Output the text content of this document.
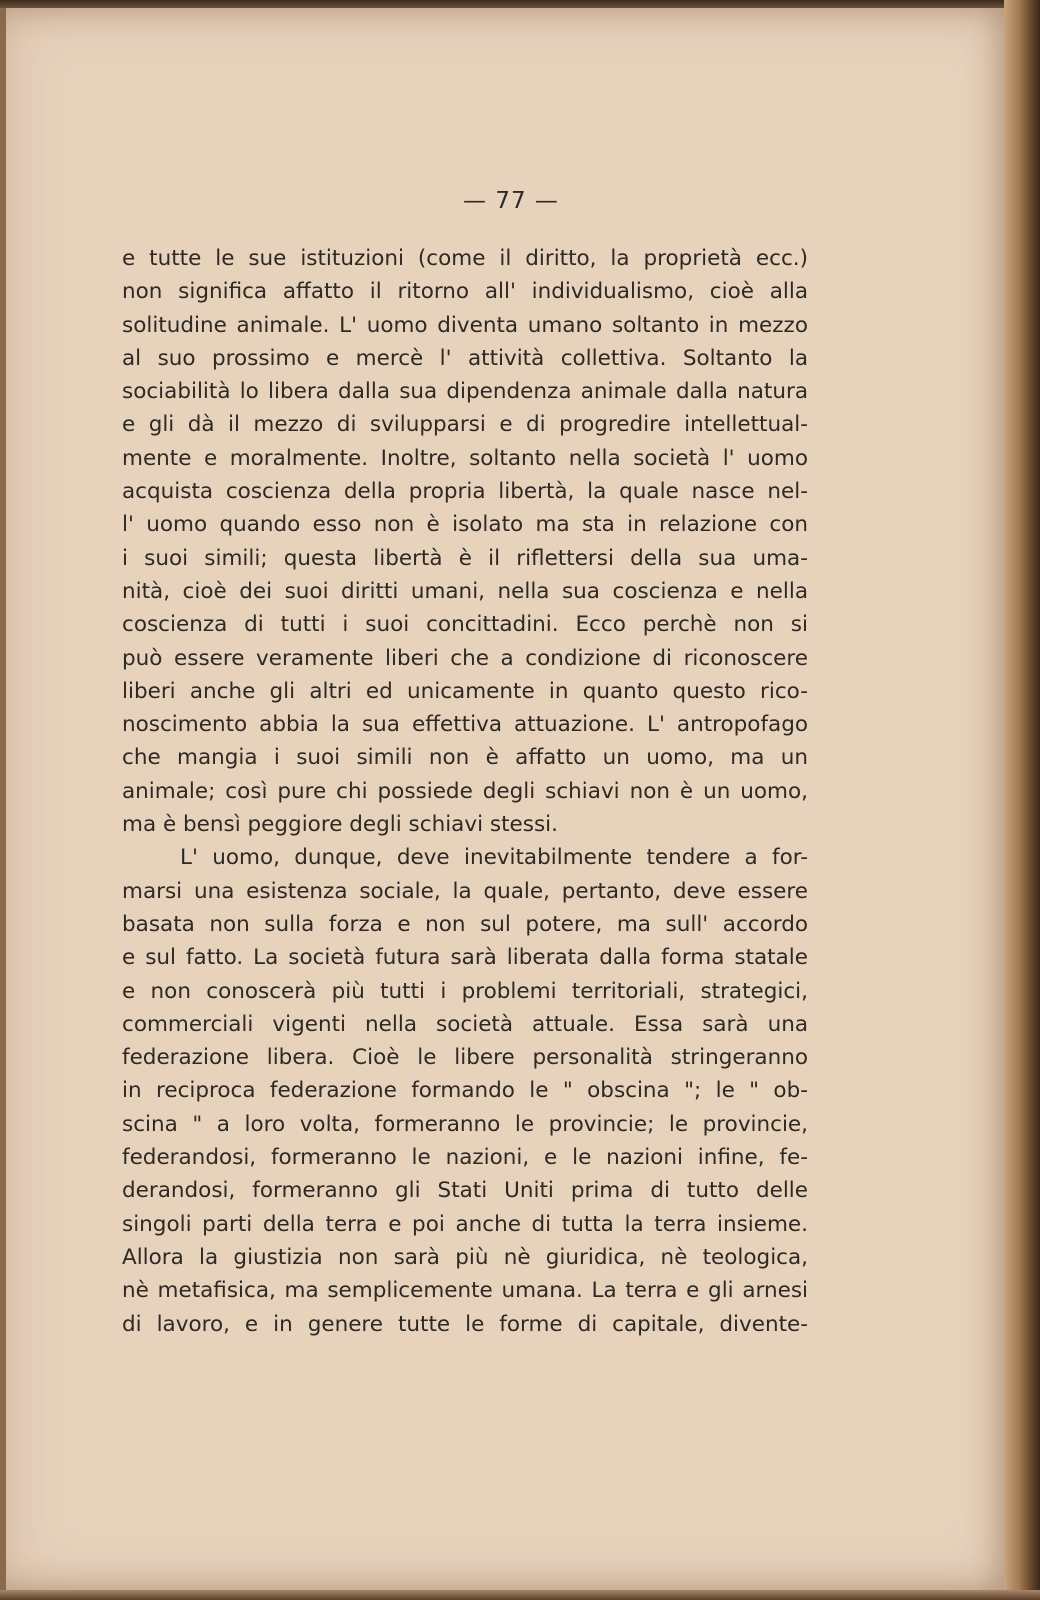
— 77 —
e tutte le sue istituzioni (come il diritto, la proprietà ecc.)
non significa affatto il ritorno all' individualismo, cioè alla
solitudine animale. L' uomo diventa umano soltanto in mezzo
al suo prossimo e mercè l' attività collettiva. Soltanto la
sociabilità lo libera dalla sua dipendenza animale dalla natura
e gli dà il mezzo di svilupparsi e di progredire intellettual-
mente e moralmente. Inoltre, soltanto nella società l' uomo
acquista coscienza della propria libertà, la quale nasce nel-
l' uomo quando esso non è isolato ma sta in relazione con
i suoi simili; questa libertà è il riflettersi della sua uma-
nità, cioè dei suoi diritti umani, nella sua coscienza e nella
coscienza di tutti i suoi concittadini. Ecco perchè non si
può essere veramente liberi che a condizione di riconoscere
liberi anche gli altri ed unicamente in quanto questo rico-
noscimento abbia la sua effettiva attuazione. L' antropofago
che mangia i suoi simili non è affatto un uomo, ma un
animale; così pure chi possiede degli schiavi non è un uomo,
ma è bensì peggiore degli schiavi stessi.
L' uomo, dunque, deve inevitabilmente tendere a for-
marsi una esistenza sociale, la quale, pertanto, deve essere
basata non sulla forza e non sul potere, ma sull' accordo
e sul fatto. La società futura sarà liberata dalla forma statale
e non conoscerà più tutti i problemi territoriali, strategici,
commerciali vigenti nella società attuale. Essa sarà una
federazione libera. Cioè le libere personalità stringeranno
in reciproca federazione formando le " obscina "; le " ob-
scina " a loro volta, formeranno le provincie; le provincie,
federandosi, formeranno le nazioni, e le nazioni infine, fe-
derandosi, formeranno gli Stati Uniti prima di tutto delle
singoli parti della terra e poi anche di tutta la terra insieme.
Allora la giustizia non sarà più nè giuridica, nè teologica,
nè metafisica, ma semplicemente umana. La terra e gli arnesi
di lavoro, e in genere tutte le forme di capitale, divente-
